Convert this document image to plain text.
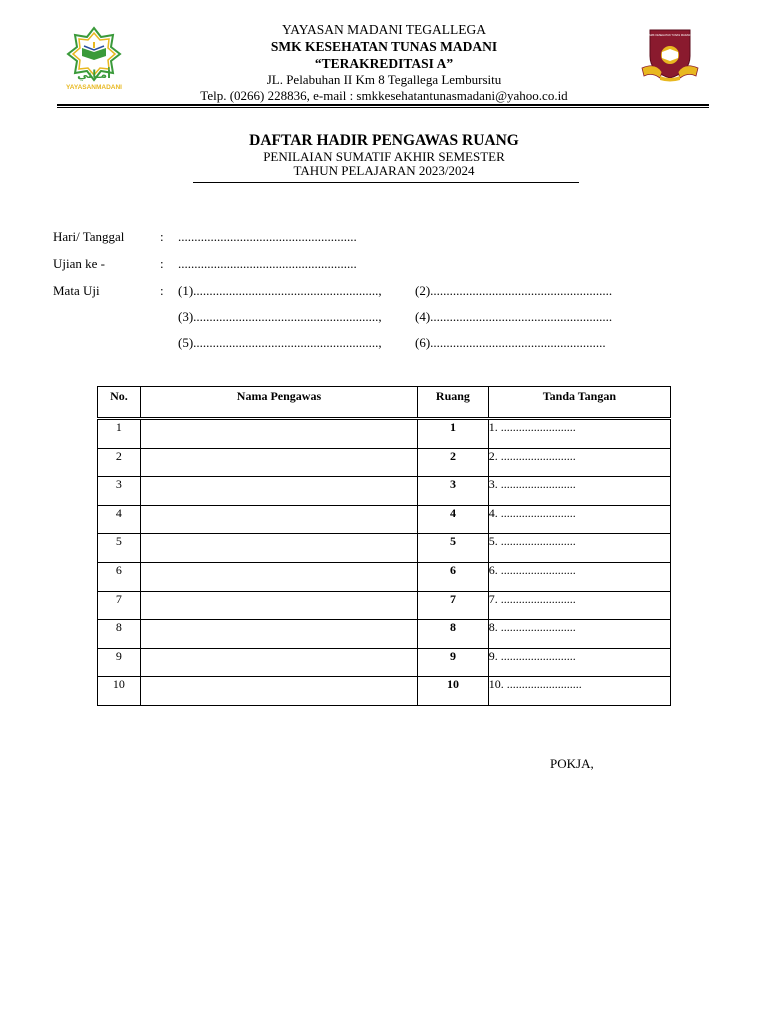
أمـاني
YAYASANMADANI
SMK KESEHATAN TUNAS MADANI
YAYASAN MADANI TEGALLEGA
SMK KESEHATAN TUNAS MADANI
“TERAKREDITASI A”
JL. Pelabuhan II Km 8 Tegallega Lembursitu
Telp. (0266) 228836, e-mail : smkkesehatantunasmadani@yahoo.co.id
DAFTAR HADIR PENGAWAS RUANG
PENILAIAN SUMATIF AKHIR SEMESTER
TAHUN PELAJARAN 2023/2024
Hari/ Tanggal	: .......................................................
Ujian ke -	: .......................................................
Mata Uji	: (1).........................................................,	(2)........................................................
(3).........................................................,	(4)........................................................
(5).........................................................,	(6)......................................................
No.	Nama Pengawas	Ruang	Tanda Tangan
1		1	1. .........................
2		2	2. .........................
3		3	3. .........................
4		4	4. .........................
5		5	5. .........................
6		6	6. .........................
7		7	7. .........................
8		8	8. .........................
9		9	9. .........................
10		10	10. .........................
POKJA,
